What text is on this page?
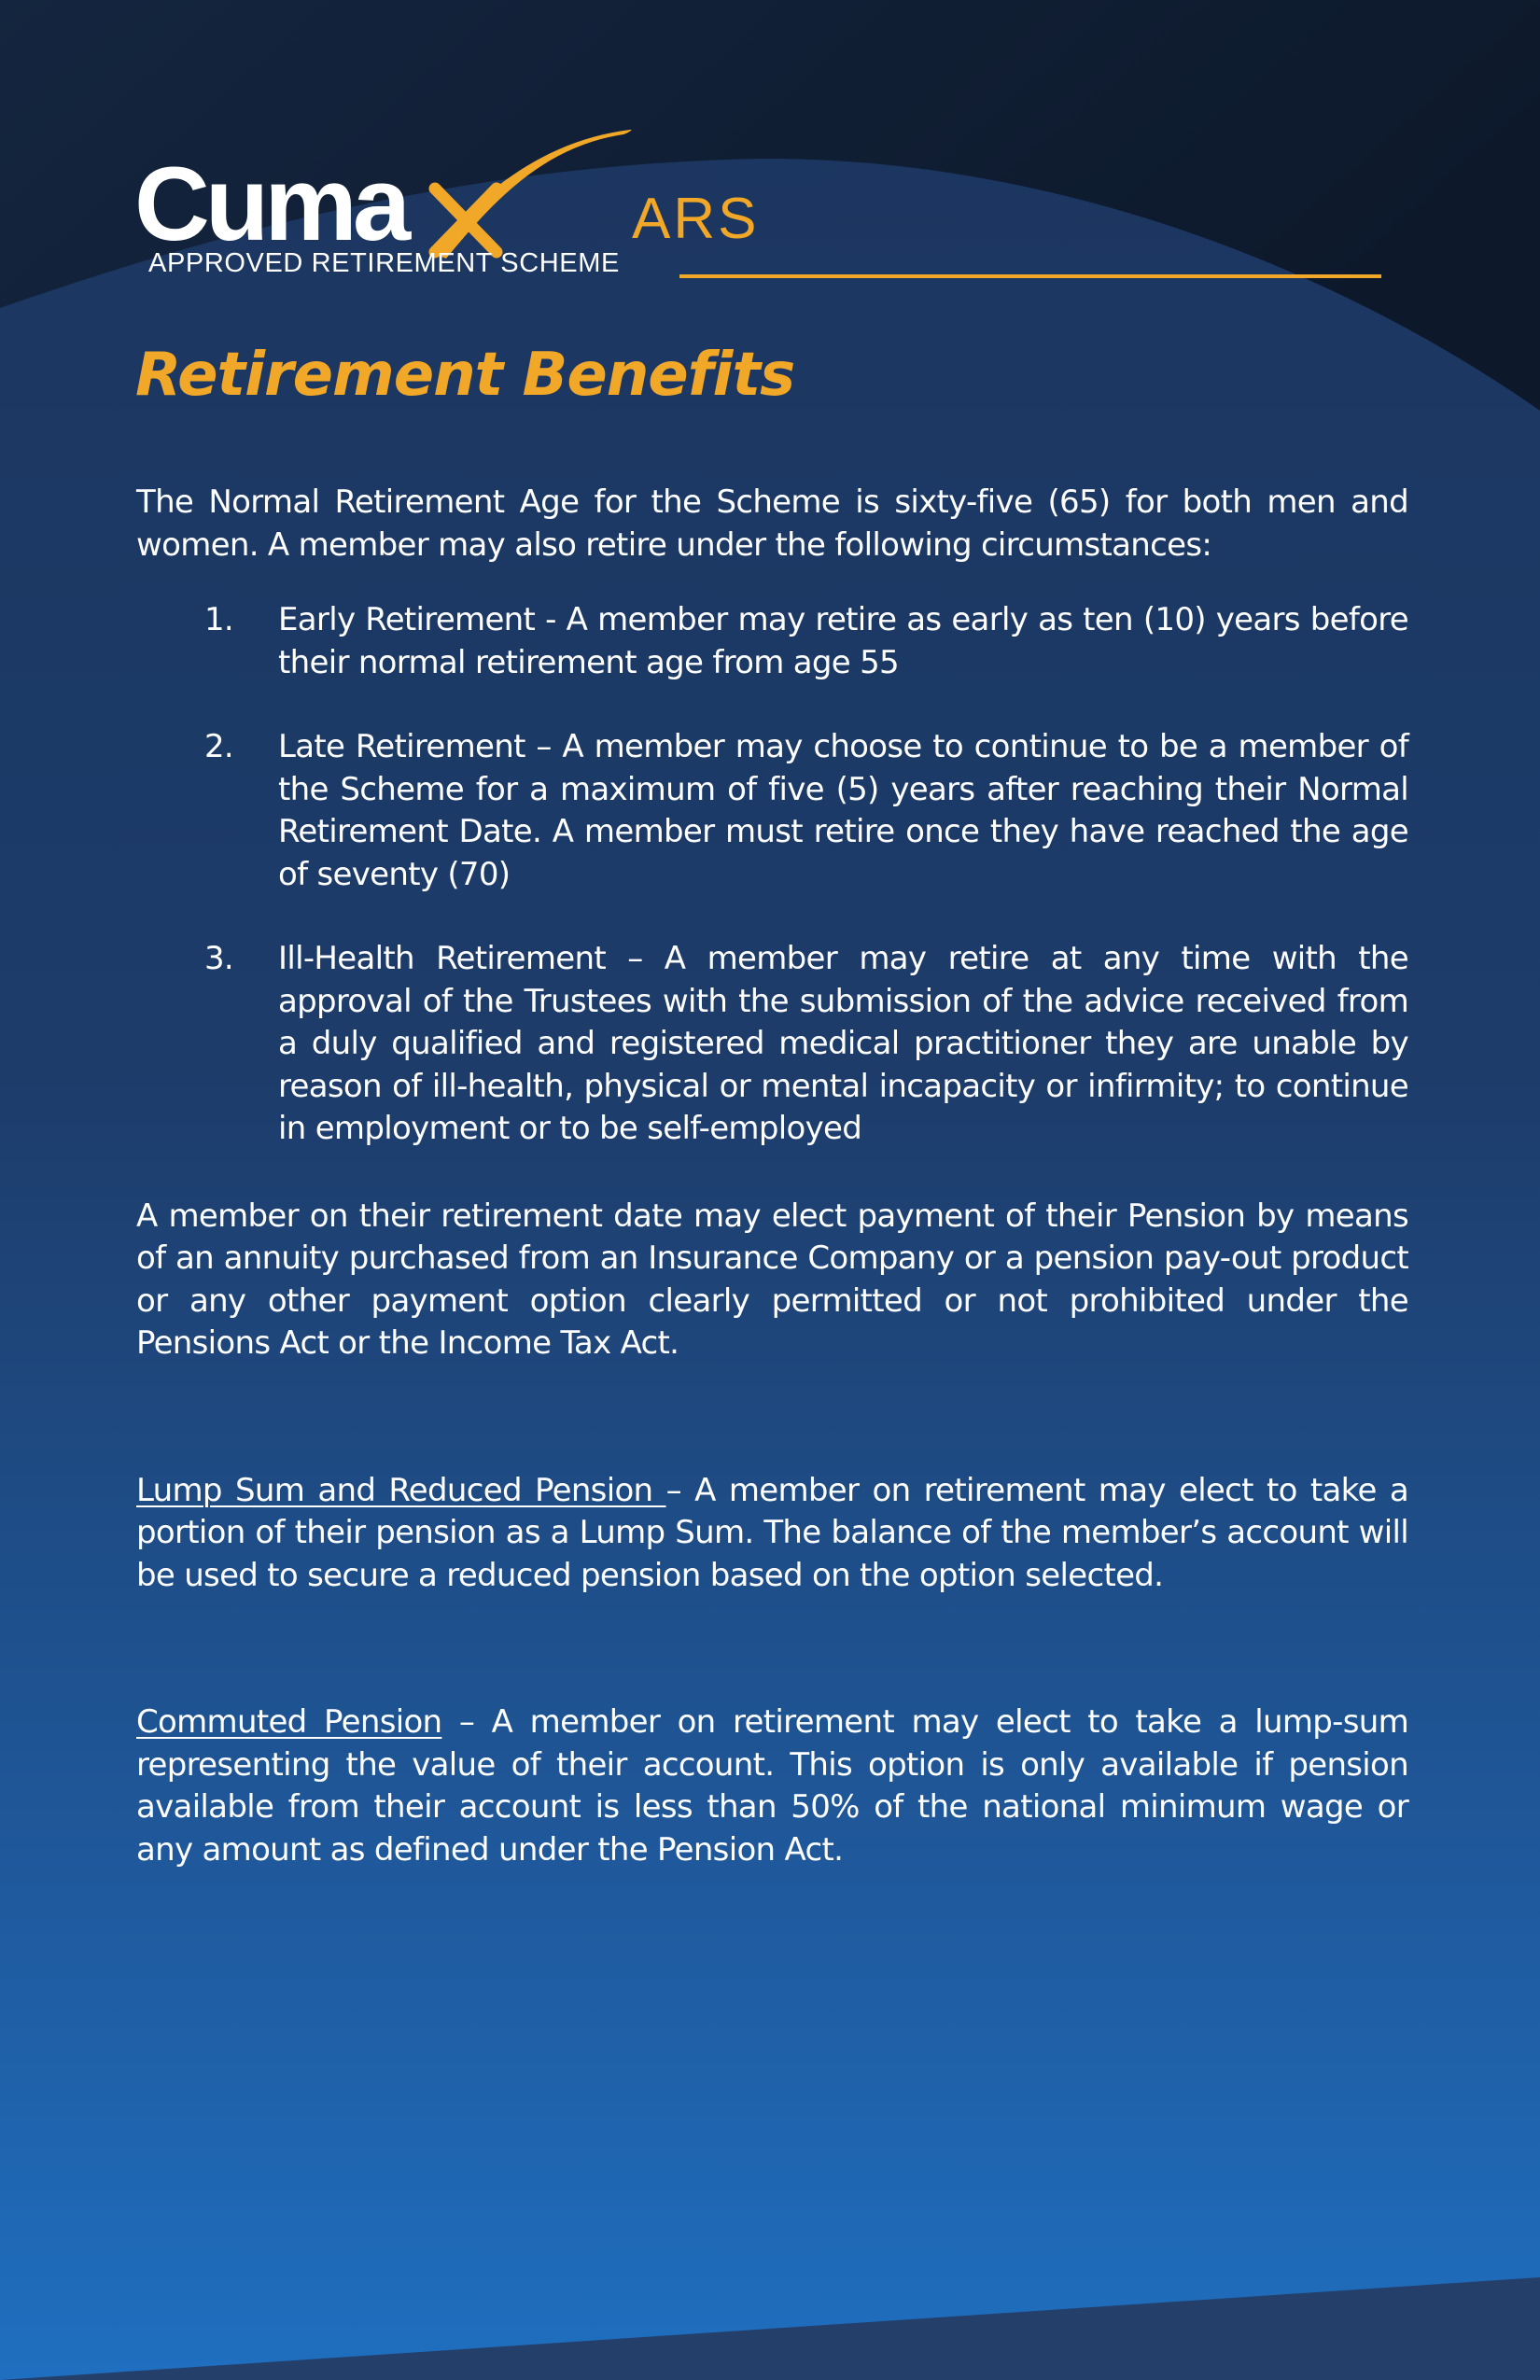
Cuma	ARS
APPROVED RETIREMENT SCHEME
Retirement Benefits

The Normal Retirement Age for the Scheme is sixty-five (65) for both men and women. A member may also retire under the following circumstances:

1. Early Retirement - A member may retire as early as ten (10) years before their normal retirement age from age 55
2. Late Retirement – A member may choose to continue to be a member of the Scheme for a maximum of five (5) years after reaching their Normal Retirement Date. A member must retire once they have reached the age of seventy (70)
3. Ill-Health Retirement – A member may retire at any time with the approval of the Trustees with the submission of the advice received from a duly qualified and registered medical practitioner they are unable by reason of ill-health, physical or mental incapacity or infirmity; to continue in employment or to be self-employed

A member on their retirement date may elect payment of their Pension by means of an annuity purchased from an Insurance Company or a pension pay-out product or any other payment option clearly permitted or not prohibited under the Pensions Act or the Income Tax Act.

Lump Sum and Reduced Pension – A member on retirement may elect to take a portion of their pension as a Lump Sum. The balance of the member’s account will be used to secure a reduced pension based on the option selected.

Commuted Pension – A member on retirement may elect to take a lump-sum representing the value of their account. This option is only available if pension available from their account is less than 50% of the national minimum wage or any amount as defined under the Pension Act.
